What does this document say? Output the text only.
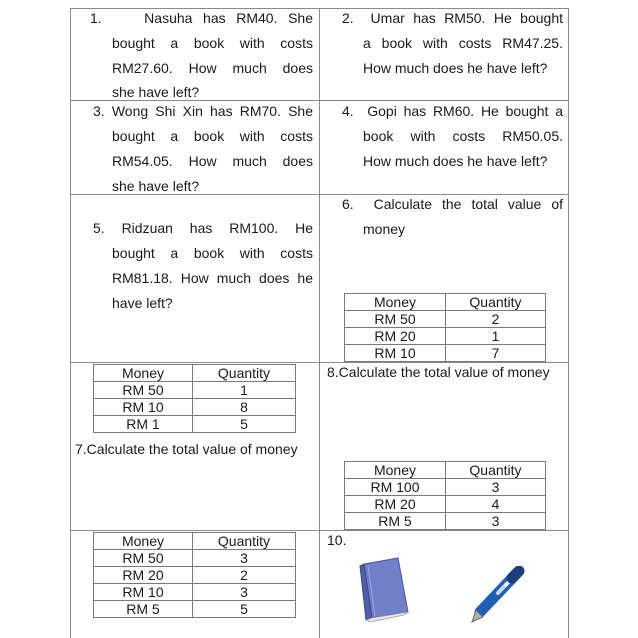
1.	Nasuha has RM40. She
bought a book with costs
RM27.60. How much does
she have left?
2. Umar has RM50. He bought
a book with costs RM47.25.
How much does he have left?
3. Wong Shi Xin has RM70. She
bought a book with costs
RM54.05. How much does
she have left?
4. Gopi has RM60. He bought a
book with costs RM50.05.
How much does he have left?
5. Ridzuan has RM100. He
bought a book with costs
RM81.18. How much does he
have left?
6. Calculate the total value of
money
Money	Quantity
RM 50	2
RM 20	1
RM 10	7
Money	Quantity
RM 50	1
RM 10	8
RM 1	5
7.Calculate the total value of money
8.Calculate the total value of money
Money	Quantity
RM 100	3
RM 20	4
RM 5	3
Money	Quantity
RM 50	3
RM 20	2
RM 10	3
RM 5	5
10.
